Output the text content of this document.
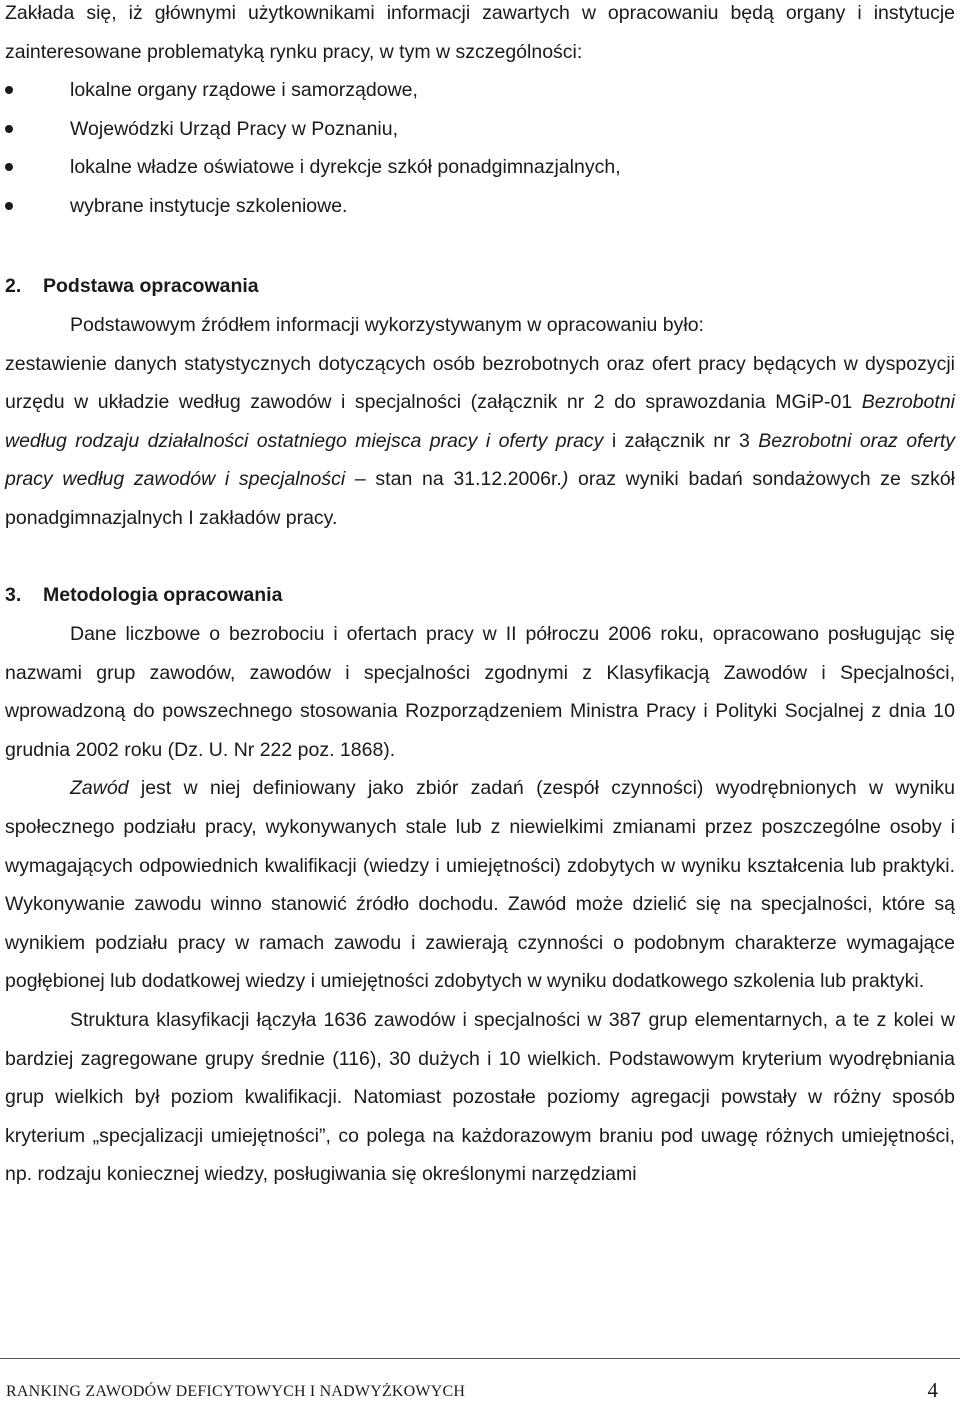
Zakłada się, iż głównymi użytkownikami informacji zawartych w opracowaniu będą organy i instytucje zainteresowane problematyką rynku pracy, w tym w szczególności:

lokalne organy rządowe i samorządowe,
Wojewódzki Urząd Pracy w Poznaniu,
lokalne władze oświatowe i dyrekcje szkół ponadgimnazjalnych,
wybrane instytucje szkoleniowe.
2. Podstawa opracowania

Podstawowym źródłem informacji wykorzystywanym w opracowaniu było:

zestawienie danych statystycznych dotyczących osób bezrobotnych oraz ofert pracy będących w dyspozycji urzędu w układzie według zawodów i specjalności (załącznik nr 2 do sprawozdania MGiP-01 Bezrobotni według rodzaju działalności ostatniego miejsca pracy i oferty pracy i załącznik nr 3 Bezrobotni oraz oferty pracy według zawodów i specjalności – stan na 31.12.2006r.) oraz wyniki badań sondażowych ze szkół ponadgimnazjalnych I zakładów pracy.

3. Metodologia opracowania

Dane liczbowe o bezrobociu i ofertach pracy w II półroczu 2006 roku, opracowano posługując się nazwami grup zawodów, zawodów i specjalności zgodnymi z Klasyfikacją Zawodów i Specjalności, wprowadzoną do powszechnego stosowania Rozporządzeniem Ministra Pracy i Polityki Socjalnej z dnia 10 grudnia 2002 roku (Dz. U. Nr 222 poz. 1868).

Zawód jest w niej definiowany jako zbiór zadań (zespół czynności) wyodrębnionych w wyniku społecznego podziału pracy, wykonywanych stale lub z niewielkimi zmianami przez poszczególne osoby i wymagających odpowiednich kwalifikacji (wiedzy i umiejętności) zdobytych w wyniku kształcenia lub praktyki. Wykonywanie zawodu winno stanowić źródło dochodu. Zawód może dzielić się na specjalności, które są wynikiem podziału pracy w ramach zawodu i zawierają czynności o podobnym charakterze wymagające pogłębionej lub dodatkowej wiedzy i umiejętności zdobytych w wyniku dodatkowego szkolenia lub praktyki.

Struktura klasyfikacji łączyła 1636 zawodów i specjalności w 387 grup elementarnych, a te z kolei w bardziej zagregowane grupy średnie (116), 30 dużych i 10 wielkich. Podstawowym kryterium wyodrębniania grup wielkich był poziom kwalifikacji. Natomiast pozostałe poziomy agregacji powstały w różny sposób kryterium „specjalizacji umiejętności”, co polega na każdorazowym braniu pod uwagę różnych umiejętności, np. rodzaju koniecznej wiedzy, posługiwania się określonymi narzędziami

RANKING ZAWODÓW DEFICYTOWYCH I NADWYŻKOWYCH	4
